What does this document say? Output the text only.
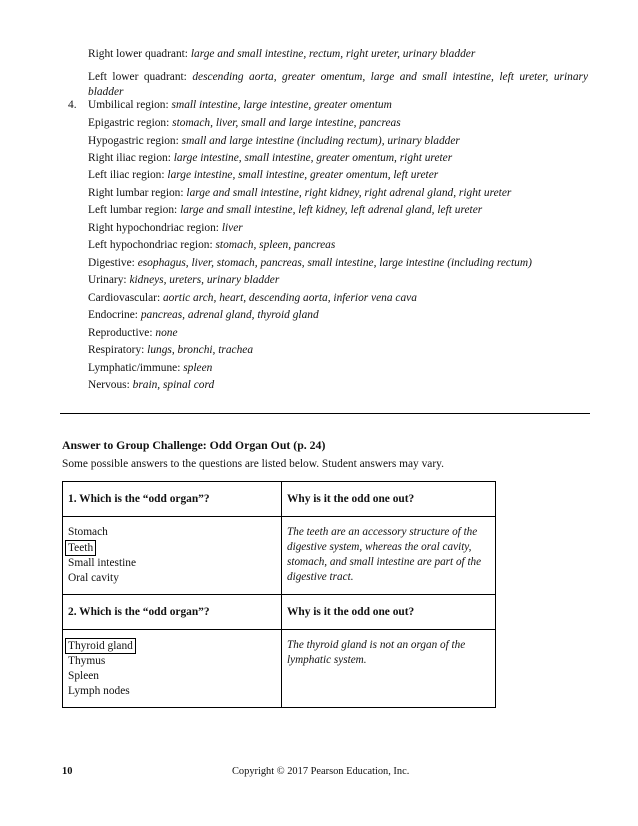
Right lower quadrant: large and small intestine, rectum, right ureter, urinary bladder
Left lower quadrant: descending aorta, greater omentum, large and small intestine, left ureter, urinary bladder
4. Umbilical region: small intestine, large intestine, greater omentum
Epigastric region: stomach, liver, small and large intestine, pancreas
Hypogastric region: small and large intestine (including rectum), urinary bladder
Right iliac region: large intestine, small intestine, greater omentum, right ureter
Left iliac region: large intestine, small intestine, greater omentum, left ureter
Right lumbar region: large and small intestine, right kidney, right adrenal gland, right ureter
Left lumbar region: large and small intestine, left kidney, left adrenal gland, left ureter
Right hypochondriac region: liver
Left hypochondriac region: stomach, spleen, pancreas
Digestive: esophagus, liver, stomach, pancreas, small intestine, large intestine (including rectum)
Urinary: kidneys, ureters, urinary bladder
Cardiovascular: aortic arch, heart, descending aorta, inferior vena cava
Endocrine: pancreas, adrenal gland, thyroid gland
Reproductive: none
Respiratory: lungs, bronchi, trachea
Lymphatic/immune: spleen
Nervous: brain, spinal cord
Answer to Group Challenge: Odd Organ Out (p. 24)
Some possible answers to the questions are listed below. Student answers may vary.
1. Which is the “odd organ”?	Why is it the odd one out?

Stomach
Teeth
Small intestine
Oral cavity	The teeth are an accessory structure of the digestive system, whereas the oral cavity, stomach, and small intestine are part of the digestive tract.

2. Which is the “odd organ”?	Why is it the odd one out?

Thyroid gland
Thymus
Spleen
Lymph nodes	The thyroid gland is not an organ of the lymphatic system.
10	Copyright © 2017 Pearson Education, Inc.
